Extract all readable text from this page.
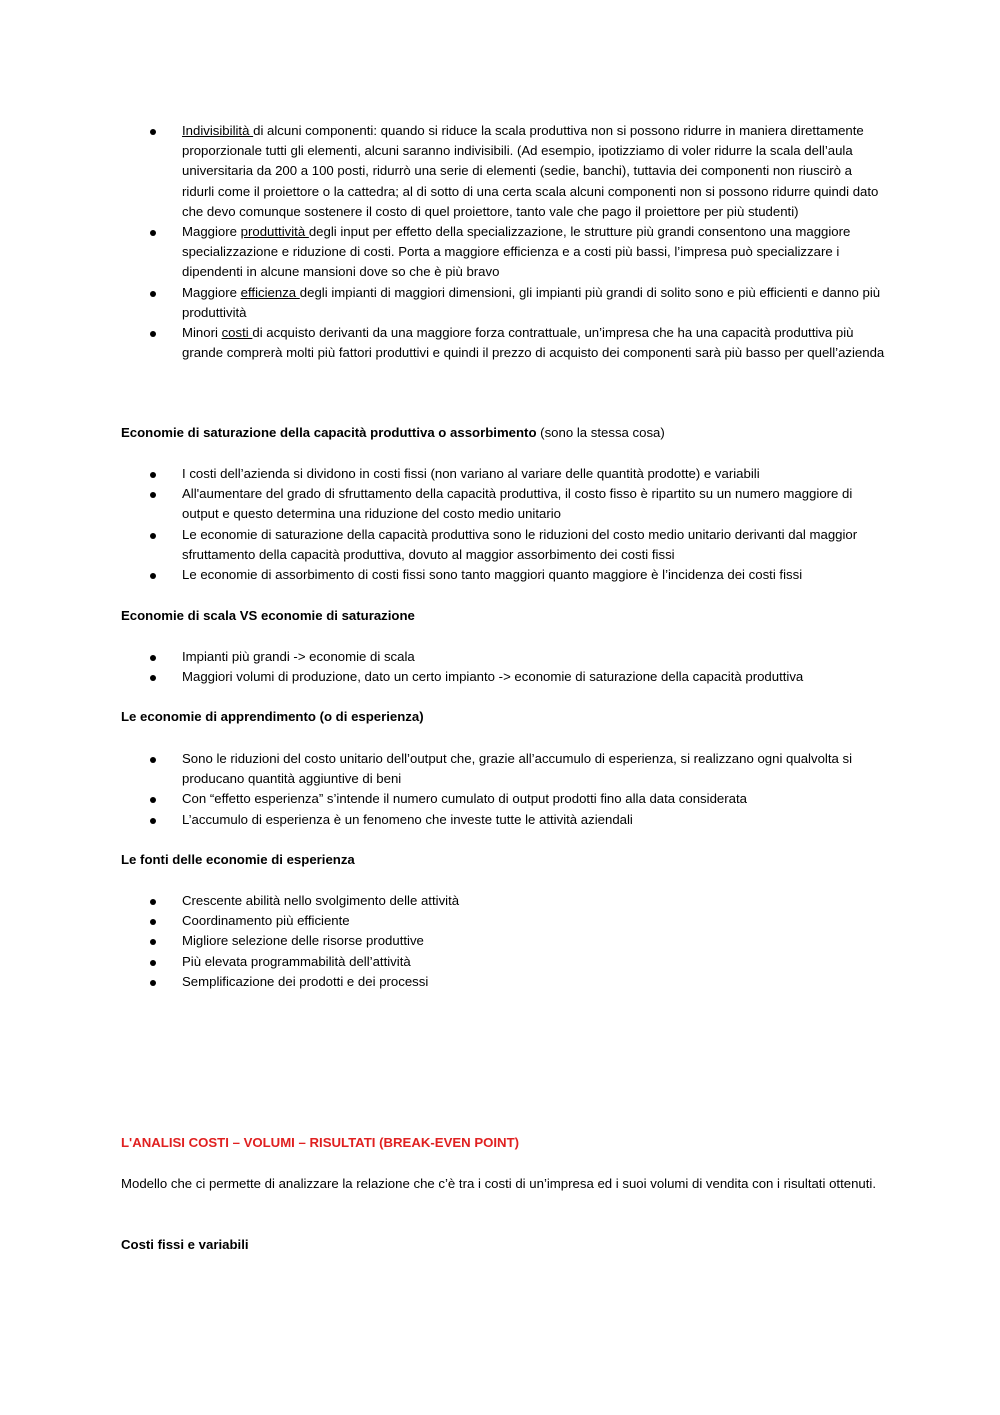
Indivisibilità di alcuni componenti: quando si riduce la scala produttiva non si possono ridurre in maniera direttamente proporzionale tutti gli elementi, alcuni saranno indivisibili. (Ad esempio, ipotizziamo di voler ridurre la scala dell’aula universitaria da 200 a 100 posti, ridurrò una serie di elementi (sedie, banchi), tuttavia dei componenti non riuscirò a ridurli come il proiettore o la cattedra; al di sotto di una certa scala alcuni componenti non si possono ridurre quindi dato che devo comunque sostenere il costo di quel proiettore, tanto vale che pago il proiettore per più studenti)
Maggiore produttività degli input per effetto della specializzazione, le strutture più grandi consentono una maggiore specializzazione e riduzione di costi. Porta a maggiore efficienza e a costi più bassi, l’impresa può specializzare i dipendenti in alcune mansioni dove so che è più bravo
Maggiore efficienza degli impianti di maggiori dimensioni, gli impianti più grandi di solito sono e più efficienti e danno più produttività
Minori costi di acquisto derivanti da una maggiore forza contrattuale, un’impresa che ha una capacità produttiva più grande comprerà molti più fattori produttivi e quindi il prezzo di acquisto dei componenti sarà più basso per quell’azienda
Economie di saturazione della capacità produttiva o assorbimento (sono la stessa cosa)
I costi dell’azienda si dividono in costi fissi (non variano al variare delle quantità prodotte) e variabili
All'aumentare del grado di sfruttamento della capacità produttiva, il costo fisso è ripartito su un numero maggiore di output e questo determina una riduzione del costo medio unitario
Le economie di saturazione della capacità produttiva sono le riduzioni del costo medio unitario derivanti dal maggior sfruttamento della capacità produttiva, dovuto al maggior assorbimento dei costi fissi
Le economie di assorbimento di costi fissi sono tanto maggiori quanto maggiore è l’incidenza dei costi fissi
Economie di scala VS economie di saturazione
Impianti più grandi -> economie di scala
Maggiori volumi di produzione, dato un certo impianto -> economie di saturazione della capacità produttiva
Le economie di apprendimento (o di esperienza)
Sono le riduzioni del costo unitario dell’output che, grazie all’accumulo di esperienza, si realizzano ogni qualvolta si producano quantità aggiuntive di beni
Con “effetto esperienza” s’intende il numero cumulato di output prodotti fino alla data considerata
L’accumulo di esperienza è un fenomeno che investe tutte le attività aziendali
Le fonti delle economie di esperienza
Crescente abilità nello svolgimento delle attività
Coordinamento più efficiente
Migliore selezione delle risorse produttive
Più elevata programmabilità dell’attività
Semplificazione dei prodotti e dei processi
L'ANALISI COSTI – VOLUMI – RISULTATI (BREAK-EVEN POINT)
Modello che ci permette di analizzare la relazione che c’è tra i costi di un’impresa ed i suoi volumi di vendita con i risultati ottenuti.
Costi fissi e variabili
